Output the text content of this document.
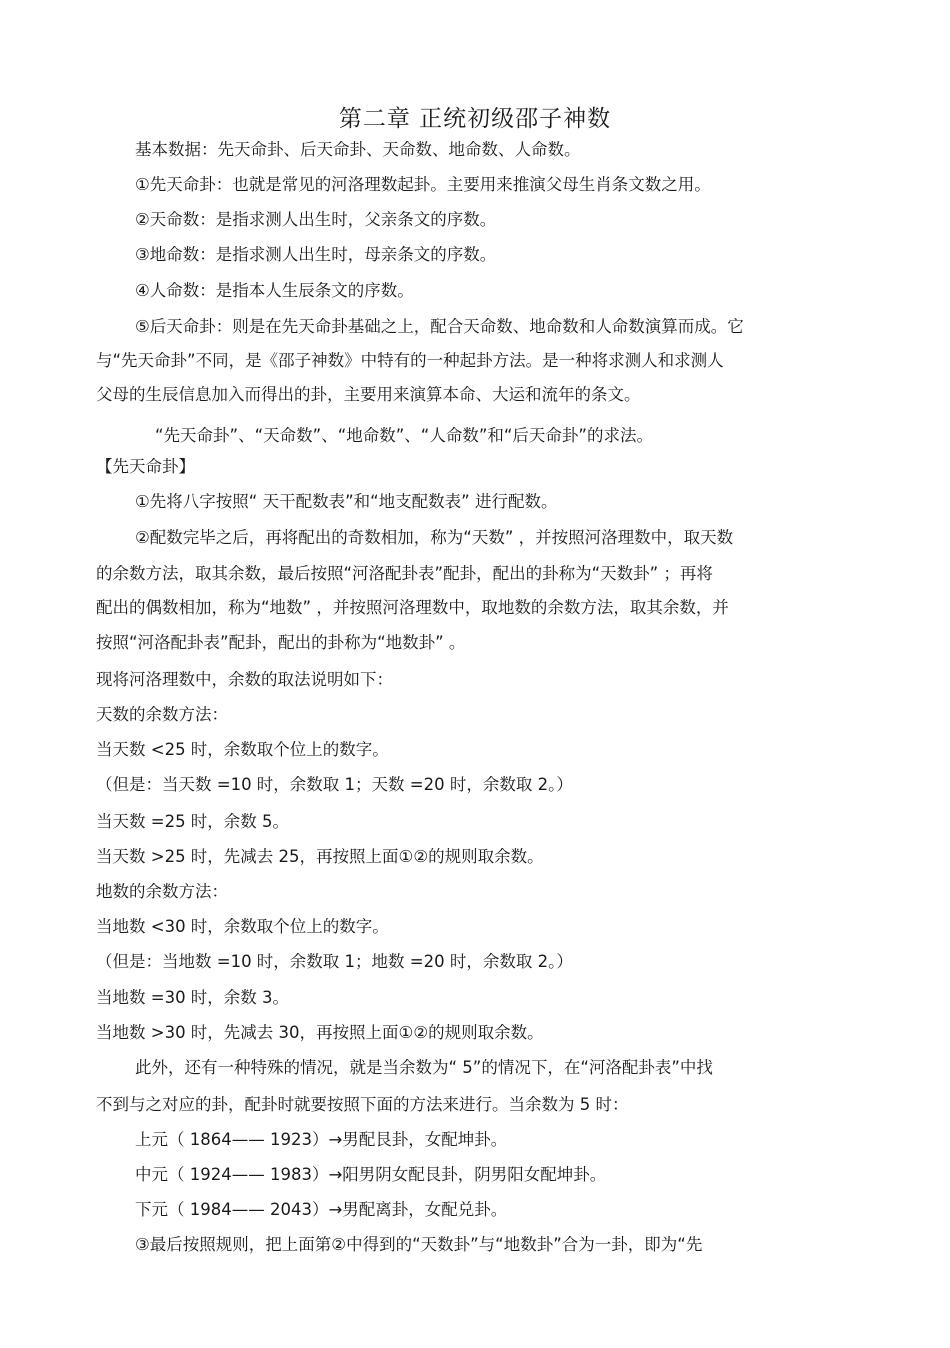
第二章 正统初级邵子神数
基本数据：先天命卦、后天命卦、天命数、地命数、人命数。
①先天命卦：也就是常见的河洛理数起卦。主要用来推演父母生肖条文数之用。
②天命数：是指求测人出生时，父亲条文的序数。
③地命数：是指求测人出生时，母亲条文的序数。
④人命数：是指本人生辰条文的序数。
⑤后天命卦：则是在先天命卦基础之上，配合天命数、地命数和人命数演算而成。它
与“先天命卦”不同，是《邵子神数》中特有的一种起卦方法。是一种将求测人和求测人
父母的生辰信息加入而得出的卦，主要用来演算本命、大运和流年的条文。
“先天命卦”、“天命数”、“地命数”、“人命数”和“后天命卦”的求法。
【先天命卦】
①先将八字按照“ 天干配数表”和“地支配数表” 进行配数。
②配数完毕之后，再将配出的奇数相加，称为“天数” ，并按照河洛理数中，取天数
的余数方法，取其余数，最后按照“河洛配卦表”配卦，配出的卦称为“天数卦” ；再将
配出的偶数相加，称为“地数” ，并按照河洛理数中，取地数的余数方法，取其余数，并
按照“河洛配卦表”配卦，配出的卦称为“地数卦” 。
现将河洛理数中，余数的取法说明如下：
天数的余数方法：
当天数 <25 时，余数取个位上的数字。
（但是：当天数 =10 时，余数取 1；天数 =20 时，余数取 2。）
当天数 =25 时，余数 5。
当天数 >25 时，先减去 25，再按照上面①②的规则取余数。
地数的余数方法：
当地数 <30 时，余数取个位上的数字。
（但是：当地数 =10 时，余数取 1；地数 =20 时，余数取 2。）
当地数 =30 时，余数 3。
当地数 >30 时，先减去 30，再按照上面①②的规则取余数。
此外，还有一种特殊的情况，就是当余数为“ 5”的情况下，在“河洛配卦表”中找
不到与之对应的卦，配卦时就要按照下面的方法来进行。当余数为 5 时：
上元（ 1864—— 1923）→男配艮卦，女配坤卦。
中元（ 1924—— 1983）→阳男阴女配艮卦，阴男阳女配坤卦。
下元（ 1984—— 2043）→男配离卦，女配兑卦。
③最后按照规则，把上面第②中得到的“天数卦”与“地数卦”合为一卦，即为“先
